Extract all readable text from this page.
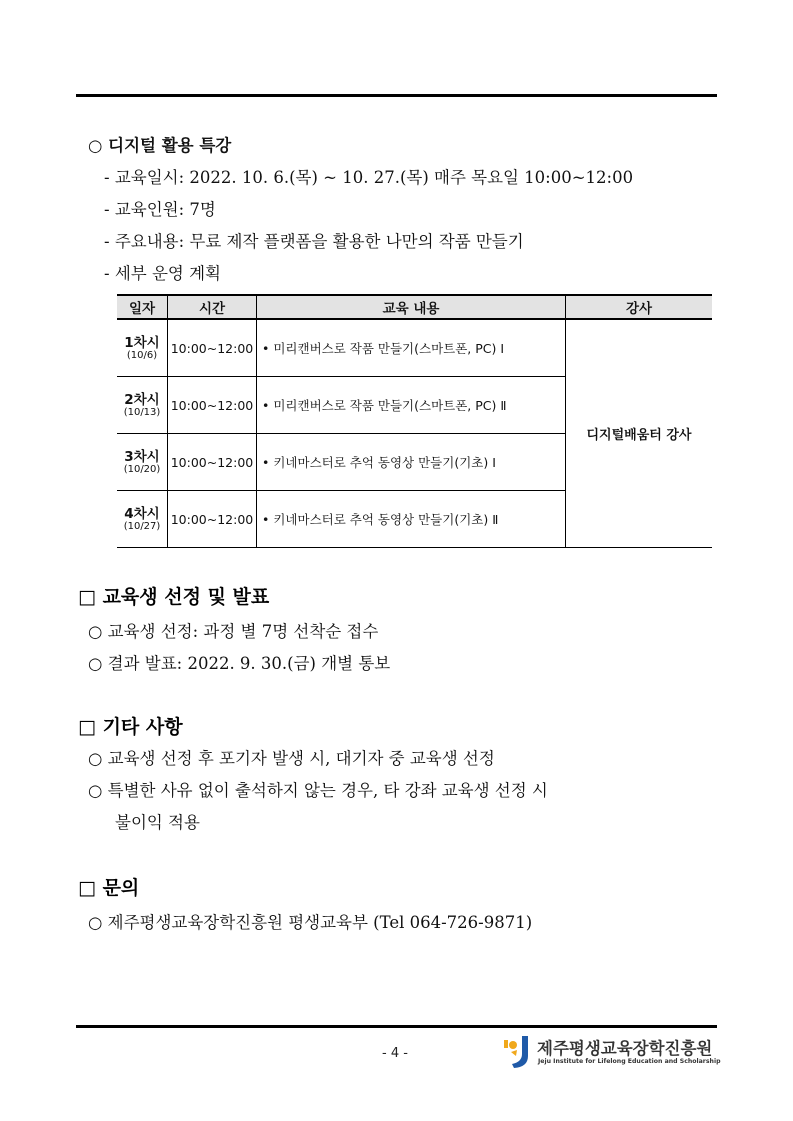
○ 디지털 활용 특강
- 교육일시: 2022. 10. 6.(목) ~ 10. 27.(목) 매주 목요일 10:00~12:00
- 교육인원: 7명
- 주요내용: 무료 제작 플랫폼을 활용한 나만의 작품 만들기
- 세부 운영 계획
일자	시간	교육 내용	강사

1차시
(10/6)	10:00~12:00	• 미리캔버스로 작품 만들기(스마트폰, PC) Ⅰ	디지털배움터 강사

2차시
(10/13)	10:00~12:00	• 미리캔버스로 작품 만들기(스마트폰, PC) Ⅱ	

3차시
(10/20)	10:00~12:00	• 키네마스터로 추억 동영상 만들기(기초) Ⅰ	

4차시
(10/27)	10:00~12:00	• 키네마스터로 추억 동영상 만들기(기초) Ⅱ	
□ 교육생 선정 및 발표
○ 교육생 선정: 과정 별 7명 선착순 접수
○ 결과 발표: 2022. 9. 30.(금) 개별 통보
□ 기타 사항
○ 교육생 선정 후 포기자 발생 시, 대기자 중 교육생 선정
○ 특별한 사유 없이 출석하지 않는 경우, 타 강좌 교육생 선정 시
불이익 적용
□ 문의
○ 제주평생교육장학진흥원 평생교육부 (Tel 064-726-9871)
- 4 -	제주평생교육장학진흥원
Jeju Institute for Lifelong Education and Scholarship
